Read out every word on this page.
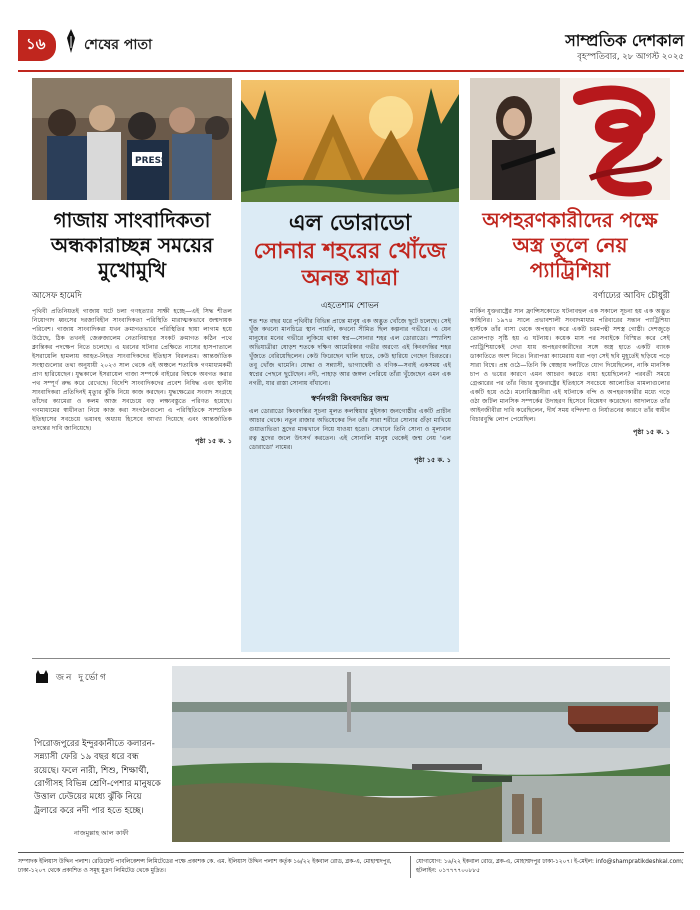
১৬	শেষের পাতা	সাম্প্রতিক দেশকাল
বৃহস্পতিবার, ২৮ আগস্ট ২০২৫
PRESS
গাজায় সাংবাদিকতা অন্ধকারাচ্ছন্ন সময়ের মুখোমুখি
আসেফ হামেদি
পৃথিবী প্রতিনিয়তই গাজায় ঘটে চলা গণহত্যার সাক্ষী হচ্ছে—এই সিদ্ধ শীতল নিয়োগাদ ধ্বংসের দরজাবিহীন সাংবাদিকতা পরিস্থিতি মারাত্মকভাবে জন্মদায়ক পরিবেশ। গাজায় সাংবাদিকরা যখন ক্রমাগতভাবে পরিস্থিতির ছায়া লাগাম হয়ে উঠেছে, ঠিক তখনই জেরুজালেম নেতানিয়াহুর সংকট ক্রমাগত কঠিন পথে ক্লান্তিকর পদক্ষেপ নিতে চলেছে। এ ধরনের ঘটনার প্রেক্ষিতে নাসের হাসপাতালে ইসরায়েলি হামলায় আহত-নিহত সাংবাদিকদের ইতিহাস বিরলতম। আন্তর্জাতিক সংস্থাগুলোর তথ্য অনুযায়ী ২০২৩ সাল থেকে এই অঞ্চলে শতাধিক গণমাধ্যমকর্মী প্রাণ হারিয়েছেন। যুদ্ধকালে ইসরায়েল গাজা সম্পর্কে বাইরের বিশ্বকে অবগত করার পথ সম্পূর্ণ রুদ্ধ করে রেখেছে। বিদেশি সাংবাদিকদের প্রবেশ নিষিদ্ধ এবং স্থানীয় সাংবাদিকরা প্রতিদিনই মৃত্যুর ঝুঁকি নিয়ে কাজ করছেন। যুদ্ধক্ষেত্রের সংবাদ সংগ্রহে তাঁদের ক্যামেরা ও কলম আজ সবচেয়ে বড় লক্ষ্যবস্তুতে পরিণত হয়েছে। গণমাধ্যমের স্বাধীনতা নিয়ে কাজ করা সংগঠনগুলো এ পরিস্থিতিকে সাম্প্রতিক ইতিহাসের সবচেয়ে ভয়াবহ অধ্যায় হিসেবে আখ্যা দিয়েছে এবং আন্তর্জাতিক তদন্তের দাবি জানিয়েছে।
পৃষ্ঠা ১৫ ক. ১
এল ডোরাডো
সোনার শহরের খোঁজে অনন্ত যাত্রা
এহতেশাম শোভন
শত শত বছর ধরে পৃথিবীর বিভিন্ন প্রান্তে মানুষ এক অদ্ভুত খোঁজে ছুটে চলেছে। সেই খুঁজ কখনো মানচিত্রে স্থান পায়নি, কখনো সীমিত ছিল কল্পনার গভীরে। এ যেন মানুষের মনের গভীরে লুকিয়ে থাকা স্বপ্ন—সোনার শহর এল ডোরাডো। স্প্যানিশ অভিযাত্রীরা ষোড়শ শতকে দক্ষিণ আমেরিকার গভীর অরণ্যে এই কিংবদন্তির শহর খুঁজতে বেরিয়েছিলেন। কেউ ফিরেছেন খালি হাতে, কেউ হারিয়ে গেছেন চিরতরে। তবু খোঁজ থামেনি। যোদ্ধা ও সন্ন্যাসী, ভাগ্যান্বেষী ও বণিক—সবাই একসময় এই স্বপ্নের পেছনে ছুটেছেন। নদী, পাহাড় আর জঙ্গল পেরিয়ে তাঁরা খুঁজেছেন এমন এক নগরী, যার রাস্তা সোনায় বাঁধানো।
স্বর্ণনগরী কিংবদন্তির জন্ম
এল ডোরাডো কিংবদন্তির সূচনা মূলত কলম্বিয়ার মুইসকা জনগোষ্ঠীর একটি প্রাচীন আচার থেকে। নতুন রাজার অভিষেকের দিন তাঁর সারা শরীরে সোনার গুঁড়া মাখিয়ে গুয়াতাভিতা হ্রদের মাঝখানে নিয়ে যাওয়া হতো। সেখানে তিনি সোনা ও মূল্যবান রত্ন হ্রদের জলে উৎসর্গ করতেন। এই সোনালি মানুষ থেকেই জন্ম নেয় 'এল ডোরাডো' নামের।
পৃষ্ঠা ১৫ ক. ১
অপহরণকারীদের পক্ষে অস্ত্র তুলে নেয় প্যাট্রিশিয়া
বর্ণাঢ্যের আবিদ চৌধুরী
মার্কিন যুক্তরাষ্ট্রের সান ফ্রান্সিসকোতে ঘটনাবহুল এক সকালে সূচনা হয় এক অদ্ভুত কাহিনির। ১৯৭৪ সালে প্রভাবশালী সংবাদমাধ্যম পরিবারের সন্তান প্যাট্রিশিয়া হার্স্টকে তাঁর বাসা থেকে অপহরণ করে একটি চরমপন্থী সশস্ত্র গোষ্ঠী। দেশজুড়ে তোলপাড় সৃষ্টি হয় এ ঘটনায়। কয়েক মাস পর সবাইকে বিস্মিত করে সেই প্যাট্রিশিয়াকেই দেখা যায় অপহরণকারীদের সঙ্গে অস্ত্র হাতে একটি ব্যাংক ডাকাতিতে অংশ নিতে। নিরাপত্তা ক্যামেরায় ধরা পড়া সেই ছবি মুহূর্তেই ছড়িয়ে পড়ে সারা বিশ্বে। প্রশ্ন ওঠে—তিনি কি স্বেচ্ছায় দলটিতে যোগ দিয়েছিলেন, নাকি মানসিক চাপ ও ভয়ের কারণে এমন আচরণ করতে বাধ্য হয়েছিলেন? পরবর্তী সময়ে গ্রেপ্তারের পর তাঁর বিচার যুক্তরাষ্ট্রের ইতিহাসে সবচেয়ে আলোচিত মামলাগুলোর একটি হয়ে ওঠে। মনোবিজ্ঞানীরা এই ঘটনাকে বন্দি ও অপহরণকারীর মধ্যে গড়ে ওঠা জটিল মানসিক সম্পর্কের উদাহরণ হিসেবে বিশ্লেষণ করেছেন। আদালতে তাঁর আইনজীবীরা দাবি করেছিলেন, দীর্ঘ সময় বন্দিদশা ও নির্যাতনের কারণে তাঁর স্বাধীন বিচারবুদ্ধি লোপ পেয়েছিল।
পৃষ্ঠা ১৫ ক. ১
জন দুর্ভোগ
পিরোজপুরের ইন্দুরকানীতে কলারন-সন্ন্যাসী ফেরি ১৯ বছর ধরে বন্ধ রয়েছে। ফলে নারী, শিশু, শিক্ষার্থী, রোগীসহ বিভিন্ন শ্রেণি-পেশার মানুষকে উত্তাল ঢেউয়ের মধ্যে ঝুঁকি নিয়ে ট্রলারে করে নদী পার হতে হচ্ছে।
নাজমুল্লাহ আল কাফী
সম্পাদক ইলিয়াস উদ্দিন পলাশ। রেডিয়েন্ট পাবলিকেশন্স লিমিটেডের পক্ষে প্রকাশক কে. এম. ইলিয়াস উদ্দিন পলাশ কর্তৃক ১৬/২২ ইকবাল রোড, ব্লক-এ, মোহাম্মদপুর, ঢাকা-১২০৭ থেকে প্রকাশিত ও সমূহ মুদ্রণ লিমিটেড থেকে মুদ্রিত।
যোগাযোগ: ১৬/২২ ইকবাল রোড, ব্লক-এ, মোহাম্মদপুর ঢাকা-১২০৭। ই-মেইল: info@shampratikdeshkal.com; হটলাইন: ০১৭৭৭৭০০৮৮৫
